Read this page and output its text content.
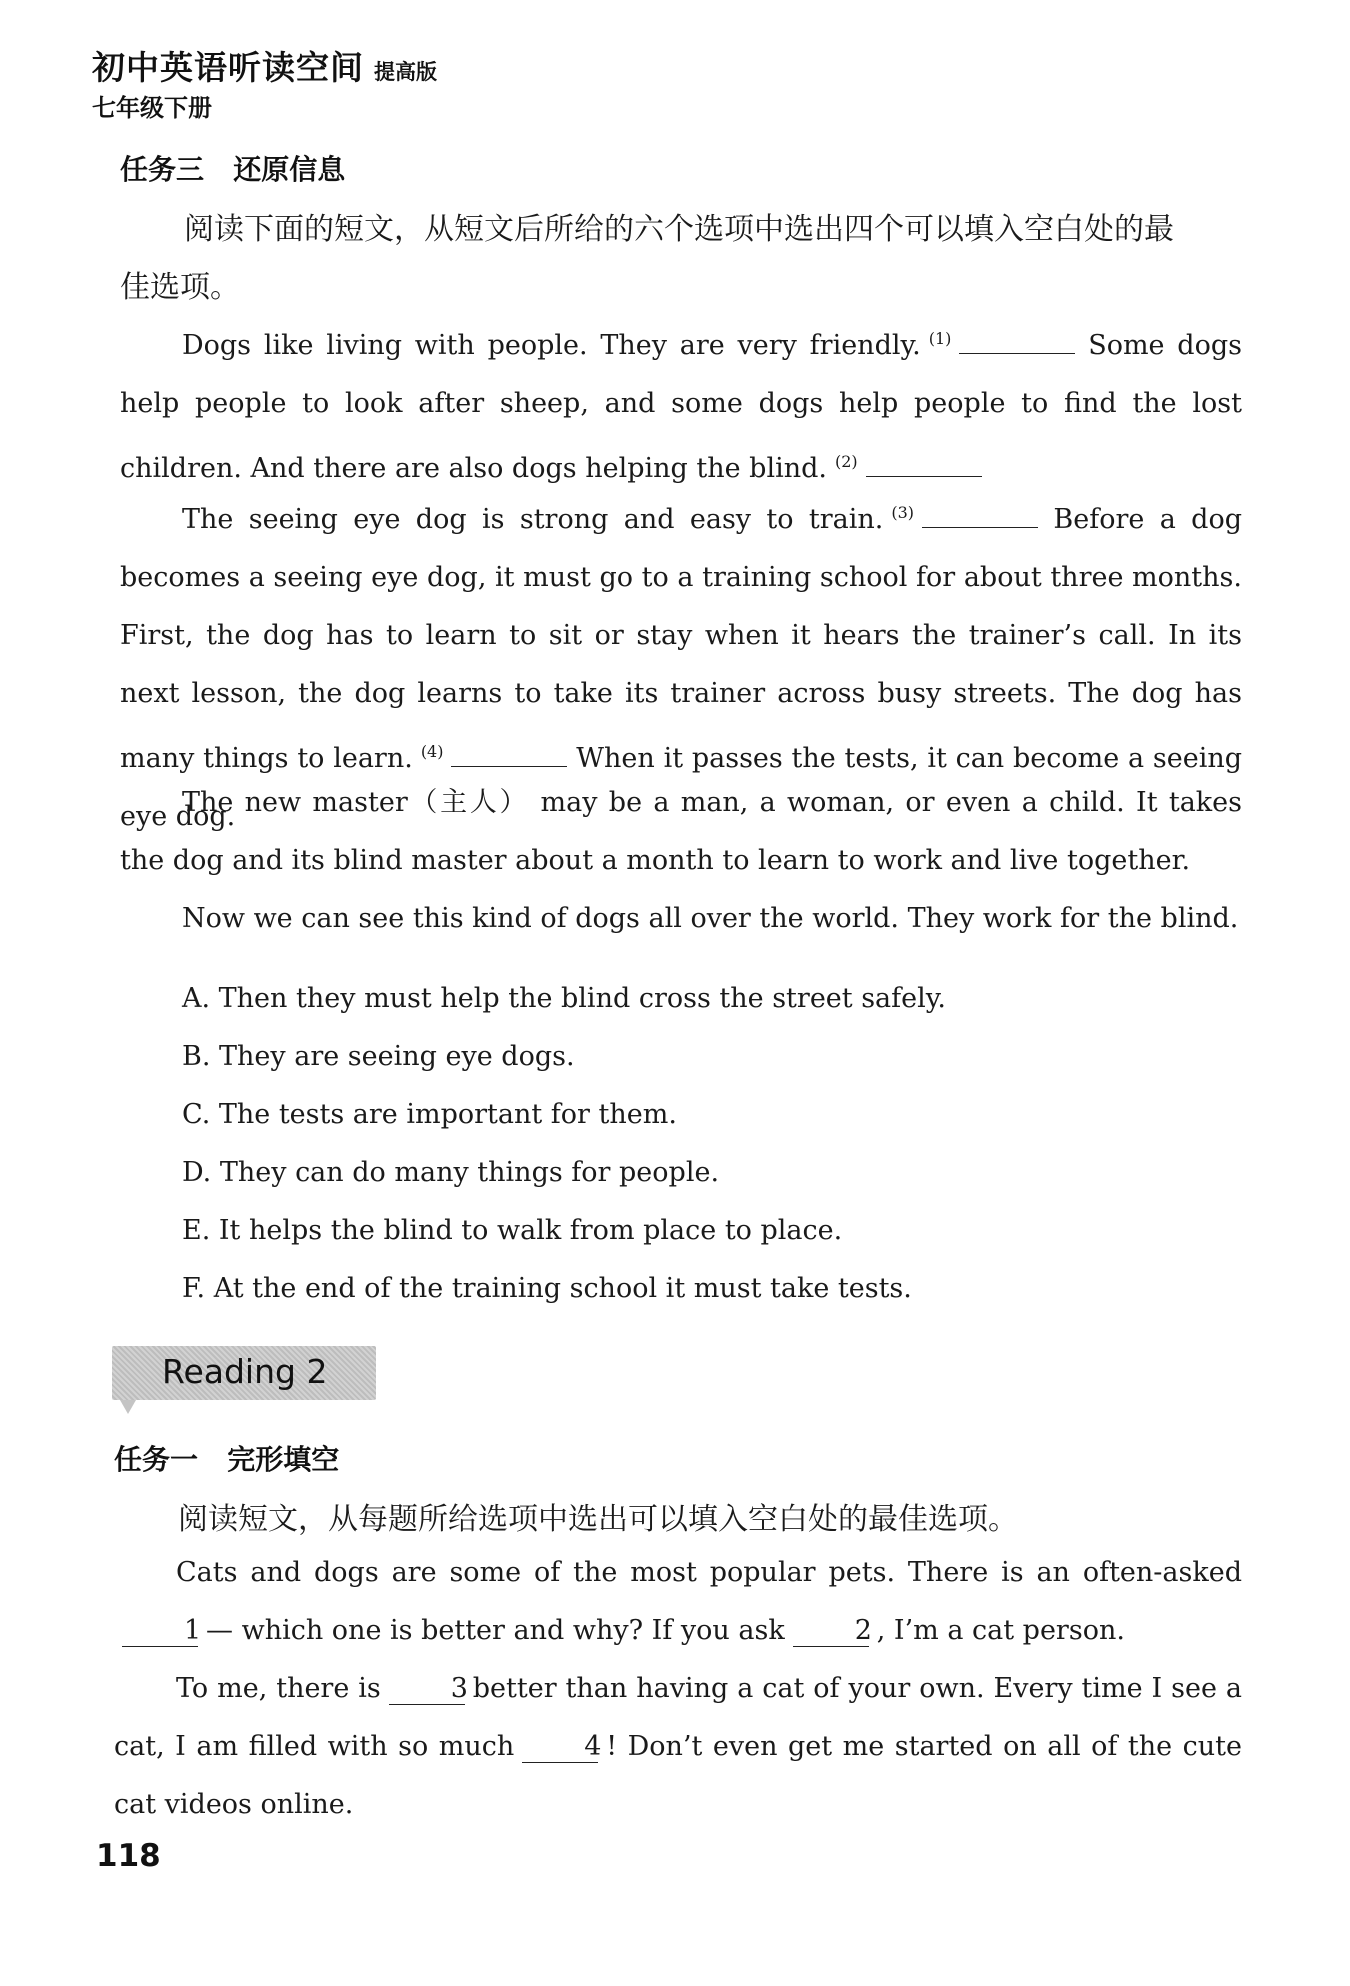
初中英语听读空间 提高版
七年级下册
任务三   还原信息
阅读下面的短文，从短文后所给的六个选项中选出四个可以填入空白处的最
佳选项。

Dogs like living with people. They are very friendly. $^{(1)}$	Some dogs help people to look after sheep, and some dogs help people to find the lost children. And there are also dogs helping the blind. $^{(2)}$

The seeing eye dog is strong and easy to train. $^{(3)}$	Before a dog becomes a seeing eye dog, it must go to a training school for about three months. First, the dog has to learn to sit or stay when it hears the trainer’s call. In its next lesson, the dog learns to take its trainer across busy streets. The dog has many things to learn. $^{(4)}$	When it passes the tests, it can become a seeing eye dog.

The new master（主人） may be a man, a woman, or even a child. It takes the dog and its blind master about a month to learn to work and live together.

Now we can see this kind of dogs all over the world. They work for the blind.

A. Then they must help the blind cross the street safely.
B. They are seeing eye dogs.
C. The tests are important for them.
D. They can do many things for people.
E. It helps the blind to walk from place to place.
F. At the end of the training school it must take tests.
Reading 2
任务一   完形填空
阅读短文，从每题所给选项中选出可以填入空白处的最佳选项。

Cats and dogs are some of the most popular pets. There is an often-asked1 — which one is better and why? If you ask	2 , I’m a cat person.

To me, there is	3 better than having a cat of your own. Every time I see a cat, I am filled with so much	4 ! Don’t even get me started on all of the cute cat videos online.

118
